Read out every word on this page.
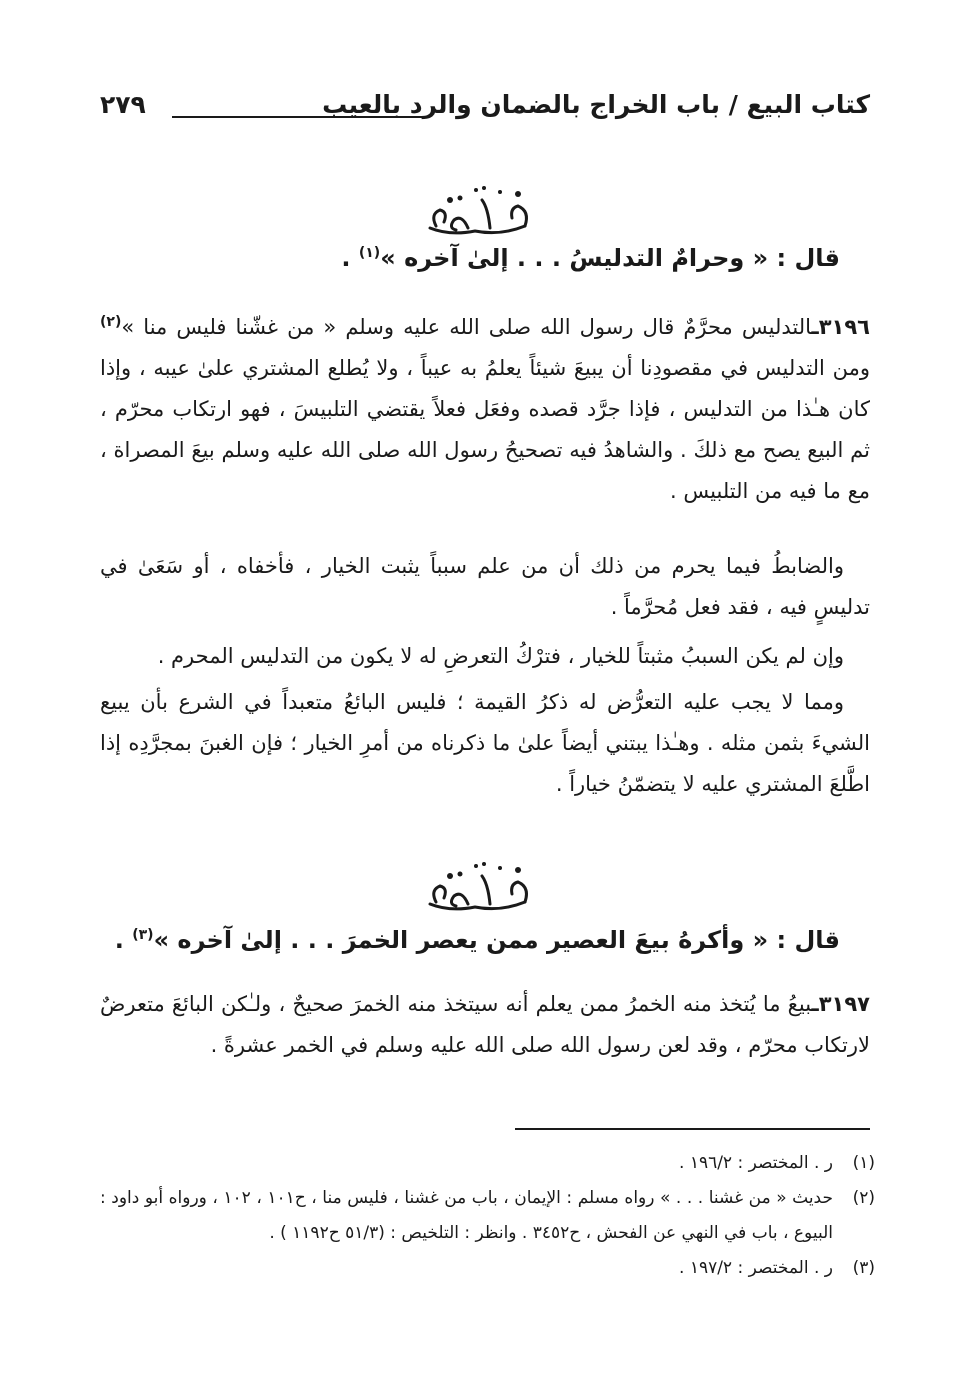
كتاب البيع / باب الخراج بالضمان والرد بالعيب
٢٧٩
قال : « وحرامٌ التدليسُ . . . إلىٰ آخره »$^{(١)}$ .
٣١٩٦ـالتدليس محرَّمٌ قال رسول الله صلى الله عليه وسلم « من غشّنا فليس منا »$^{(٢)}$ ومن التدليس في مقصودِنا أن يبيعَ شيئاً يعلمُ به عيباً ، ولا يُطلع المشتري علىٰ عيبه ، وإذا كان هـٰذا من التدليس ، فإذا جرَّد قصده وفعَل فعلاً يقتضي التلبيسَ ، فهو ارتكاب محرّم ، ثم البيع يصح مع ذلكَ . والشاهدُ فيه تصحيحُ رسول الله صلى الله عليه وسلم بيعَ المصراة ، مع ما فيه من التلبيس .
والضابطُ فيما يحرم من ذلك أن من علم سبباً يثبت الخيار ، فأخفاه ، أو سَعَىٰ في تدليسٍ فيه ، فقد فعل مُحرَّماً .
وإن لم يكن السببُ مثبتاً للخيار ، فترْكُ التعرضِ له لا يكون من التدليس المحرم .
ومما لا يجب عليه التعرُّض له ذكرُ القيمة ؛ فليس البائعُ متعبداً في الشرع بأن يبيع الشيءَ بثمن مثله . وهـٰذا يبتني أيضاً علىٰ ما ذكرناه من أمرِ الخيار ؛ فإن الغبنَ بمجرَّدِه إذا اطَّلعَ المشتري عليه لا يتضمّنُ خياراً .
قال : « وأكرهُ بيعَ العصير ممن يعصر الخمرَ . . . إلىٰ آخره »$^{(٣)}$ .
٣١٩٧ـبيعُ ما يُتخذ منه الخمرُ ممن يعلم أنه سيتخذ منه الخمرَ صحيحٌ ، ولـٰكن البائعَ متعرضٌ لارتكاب محرّم ، وقد لعن رسول الله صلى الله عليه وسلم في الخمر عشرةً .
(١)
ر . المختصر : ١٩٦/٢ .
(٢)
حديث « من غشنا . . . » رواه مسلم : الإيمان ، باب من غشنا ، فليس منا ، ح١٠١ ، ١٠٢ ، ورواه أبو داود : البيوع ، باب في النهي عن الفحش ، ح٣٤٥٢ . وانظر : التلخيص : (٥١/٣ ح١١٩٢ ) .
(٣)
ر . المختصر : ١٩٧/٢ .
